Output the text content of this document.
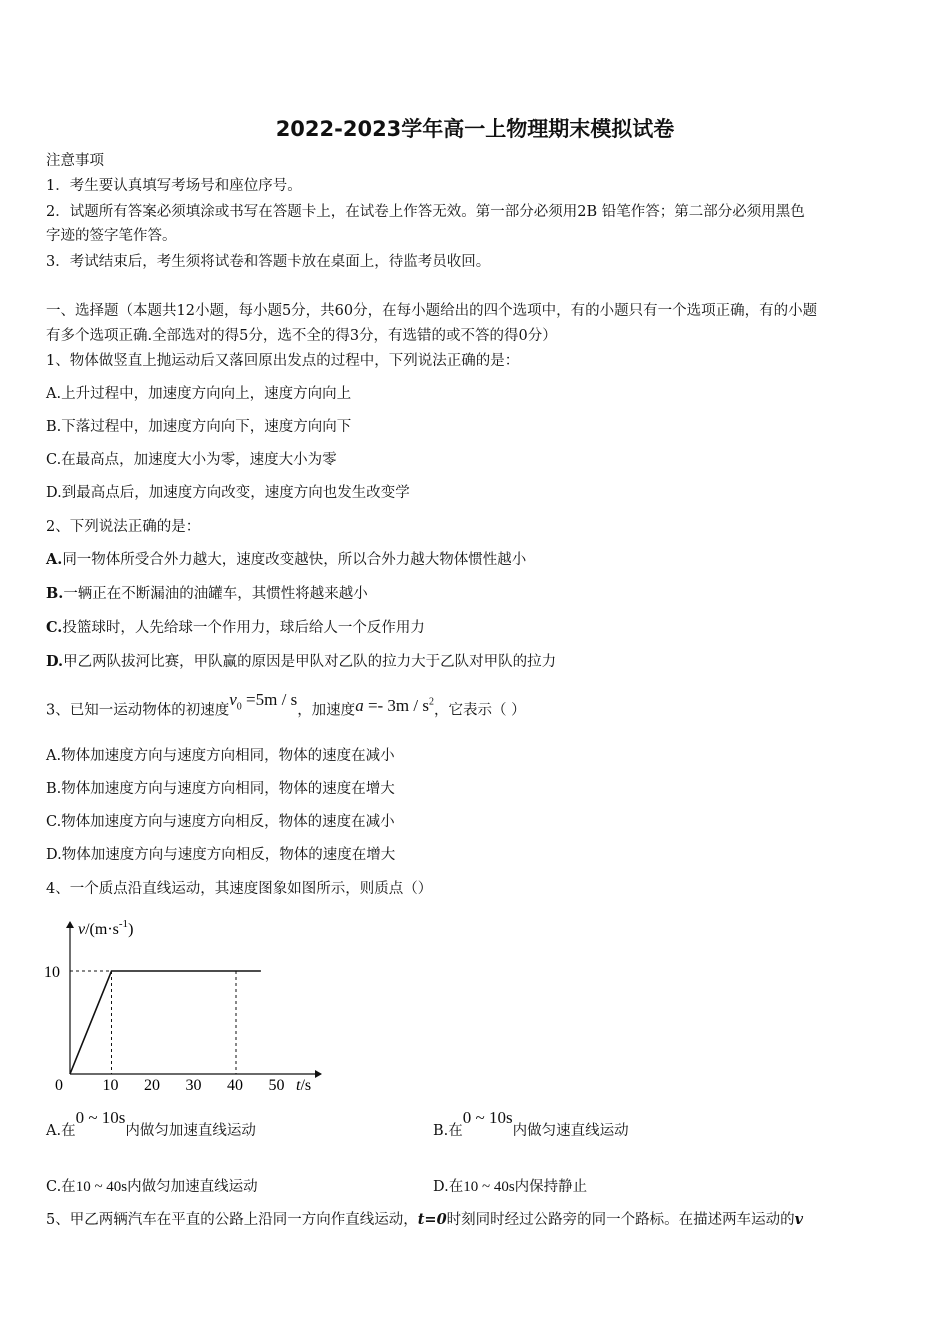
2022-2023学年高一上物理期末模拟试卷
注意事项
1．考生要认真填写考场号和座位序号。
2．试题所有答案必须填涂或书写在答题卡上，在试卷上作答无效。第一部分必须用2B 铅笔作答；第二部分必须用黑色
字迹的签字笔作答。
3．考试结束后，考生须将试卷和答题卡放在桌面上，待监考员收回。
一、选择题（本题共12小题，每小题5分，共60分，在每小题给出的四个选项中，有的小题只有一个选项正确，有的小题
有多个选项正确.全部选对的得5分，选不全的得3分，有选错的或不答的得0分）
1、物体做竖直上抛运动后又落回原出发点的过程中，下列说法正确的是：
A.上升过程中，加速度方向向上，速度方向向上
B.下落过程中，加速度方向向下，速度方向向下
C.在最高点，加速度大小为零，速度大小为零
D.到最高点后，加速度方向改变，速度方向也发生改变学
2、下列说法正确的是：
A.同一物体所受合外力越大，速度改变越快，所以合外力越大物体惯性越小
B.一辆正在不断漏油的油罐车，其惯性将越来越小
C.投篮球时，人先给球一个作用力，球后给人一个反作用力
D.甲乙两队拔河比赛，甲队赢的原因是甲队对乙队的拉力大于乙队对甲队的拉力
3、已知一运动物体的初速度$v_0 =5m / s$，加速度$a =- 3m / s^2$，它表示（ ）
A.物体加速度方向与速度方向相同，物体的速度在减小
B.物体加速度方向与速度方向相同，物体的速度在增大
C.物体加速度方向与速度方向相反，物体的速度在减小
D.物体加速度方向与速度方向相反，物体的速度在增大
4、一个质点沿直线运动，其速度图象如图所示，则质点（）
0 10 20 30 40 50
10
$v/(m\cdot s^{-1})$
t/s
A.在0 ~ 10s内做匀加速直线运动	B.在0 ~ 10s内做匀速直线运动
C.在10 ~ 40s内做匀加速直线运动	D.在10 ~ 40s内保持静止
5、甲乙两辆汽车在平直的公路上沿同一方向作直线运动，t=0时刻同时经过公路旁的同一个路标。在描述两车运动的v
